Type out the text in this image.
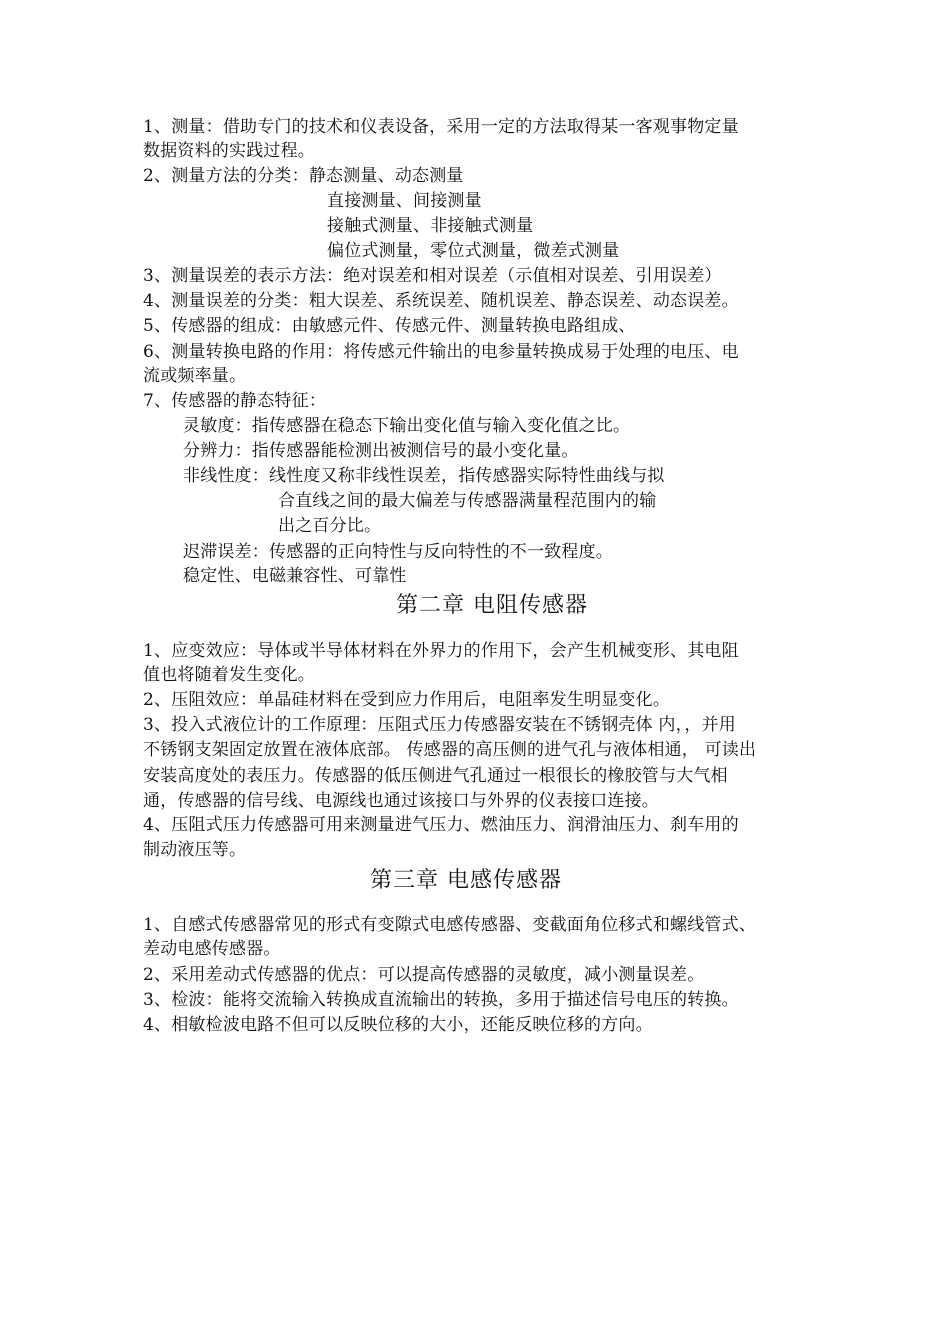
1、测量：借助专门的技术和仪表设备，采用一定的方法取得某一客观事物定量
数据资料的实践过程。
2、测量方法的分类：静态测量、动态测量
直接测量、间接测量
接触式测量、非接触式测量
偏位式测量，零位式测量，微差式测量
3、测量误差的表示方法：绝对误差和相对误差（示值相对误差、引用误差）
4、测量误差的分类：粗大误差、系统误差、随机误差、静态误差、动态误差。
5、传感器的组成：由敏感元件、传感元件、测量转换电路组成、
6、测量转换电路的作用：将传感元件输出的电参量转换成易于处理的电压、电
流或频率量。
7、传感器的静态特征：
灵敏度：指传感器在稳态下输出变化值与输入变化值之比。
分辨力：指传感器能检测出被测信号的最小变化量。
非线性度：线性度又称非线性误差，指传感器实际特性曲线与拟
合直线之间的最大偏差与传感器满量程范围内的输
出之百分比。
迟滞误差：传感器的正向特性与反向特性的不一致程度。
稳定性、电磁兼容性、可靠性
第二章 电阻传感器
1、应变效应：导体或半导体材料在外界力的作用下，会产生机械变形、其电阻
值也将随着发生变化。
2、压阻效应：单晶硅材料在受到应力作用后，电阻率发生明显变化。
3、投入式液位计的工作原理：压阻式压力传感器安装在不锈钢壳体 内，，并用
不锈钢支架固定放置在液体底部。 传感器的高压侧的进气孔与液体相通， 可读出
安装高度处的表压力。传感器的低压侧进气孔通过一根很长的橡胶管与大气相
通，传感器的信号线、电源线也通过该接口与外界的仪表接口连接。
4、压阻式压力传感器可用来测量进气压力、燃油压力、润滑油压力、刹车用的
制动液压等。
第三章 电感传感器
1、自感式传感器常见的形式有变隙式电感传感器、变截面角位移式和螺线管式、
差动电感传感器。
2、采用差动式传感器的优点：可以提高传感器的灵敏度，减小测量误差。
3、检波：能将交流输入转换成直流输出的转换，多用于描述信号电压的转换。
4、相敏检波电路不但可以反映位移的大小，还能反映位移的方向。
